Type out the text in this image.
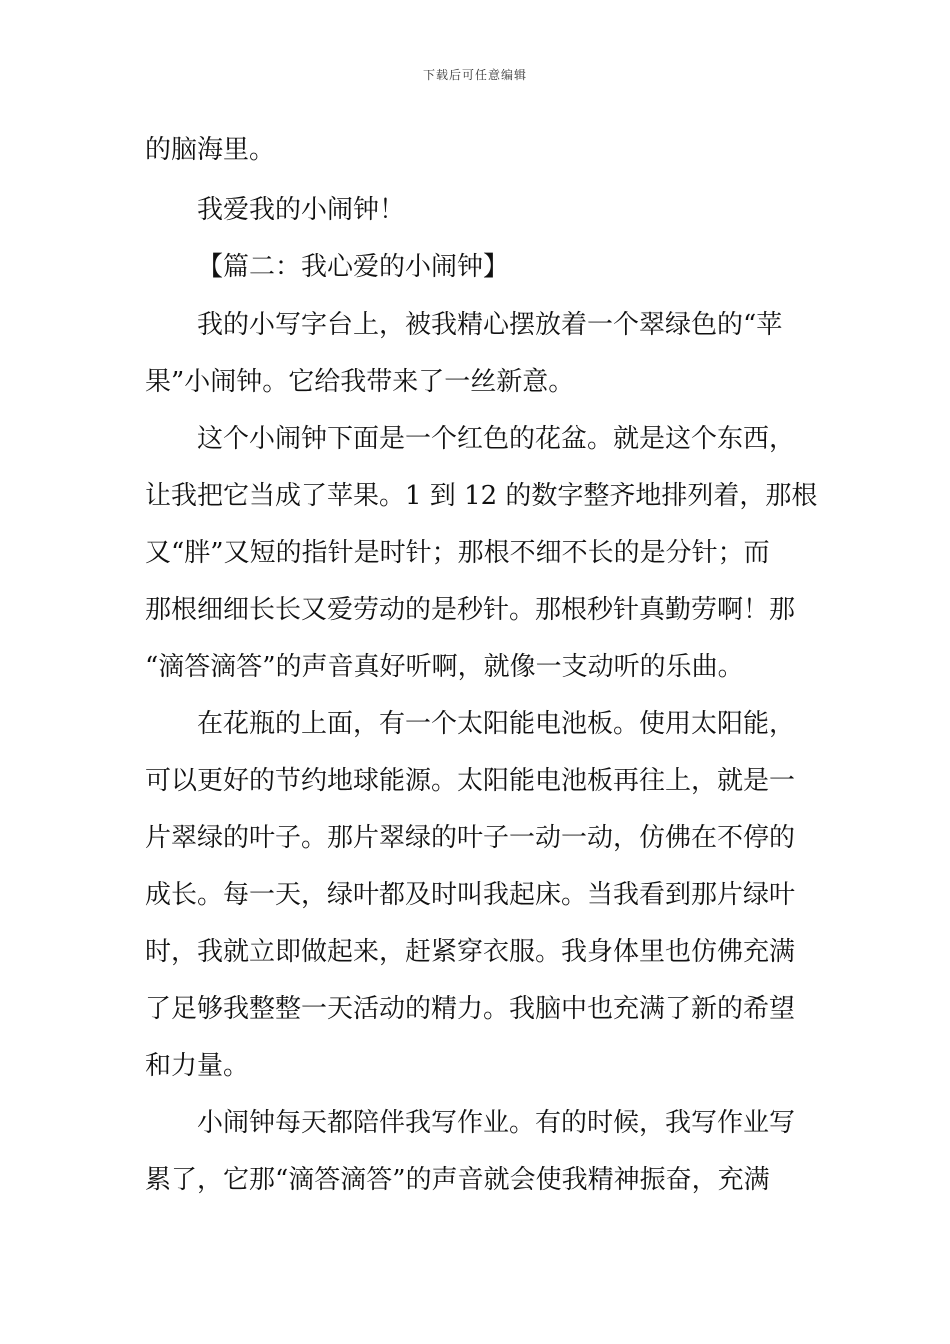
下载后可任意编辑
的脑海里。
我爱我的小闹钟！
【篇二：我心爱的小闹钟】
我的小写字台上，被我精心摆放着一个翠绿色的“苹
果”小闹钟。它给我带来了一丝新意。
这个小闹钟下面是一个红色的花盆。就是这个东西，
让我把它当成了苹果。1 到 12 的数字整齐地排列着，那根
又“胖”又短的指针是时针；那根不细不长的是分针；而
那根细细长长又爱劳动的是秒针。那根秒针真勤劳啊！那
“滴答滴答”的声音真好听啊，就像一支动听的乐曲。
在花瓶的上面，有一个太阳能电池板。使用太阳能，
可以更好的节约地球能源。太阳能电池板再往上，就是一
片翠绿的叶子。那片翠绿的叶子一动一动，仿佛在不停的
成长。每一天，绿叶都及时叫我起床。当我看到那片绿叶
时，我就立即做起来，赶紧穿衣服。我身体里也仿佛充满
了足够我整整一天活动的精力。我脑中也充满了新的希望
和力量。
小闹钟每天都陪伴我写作业。有的时候，我写作业写
累了，它那“滴答滴答”的声音就会使我精神振奋，充满
